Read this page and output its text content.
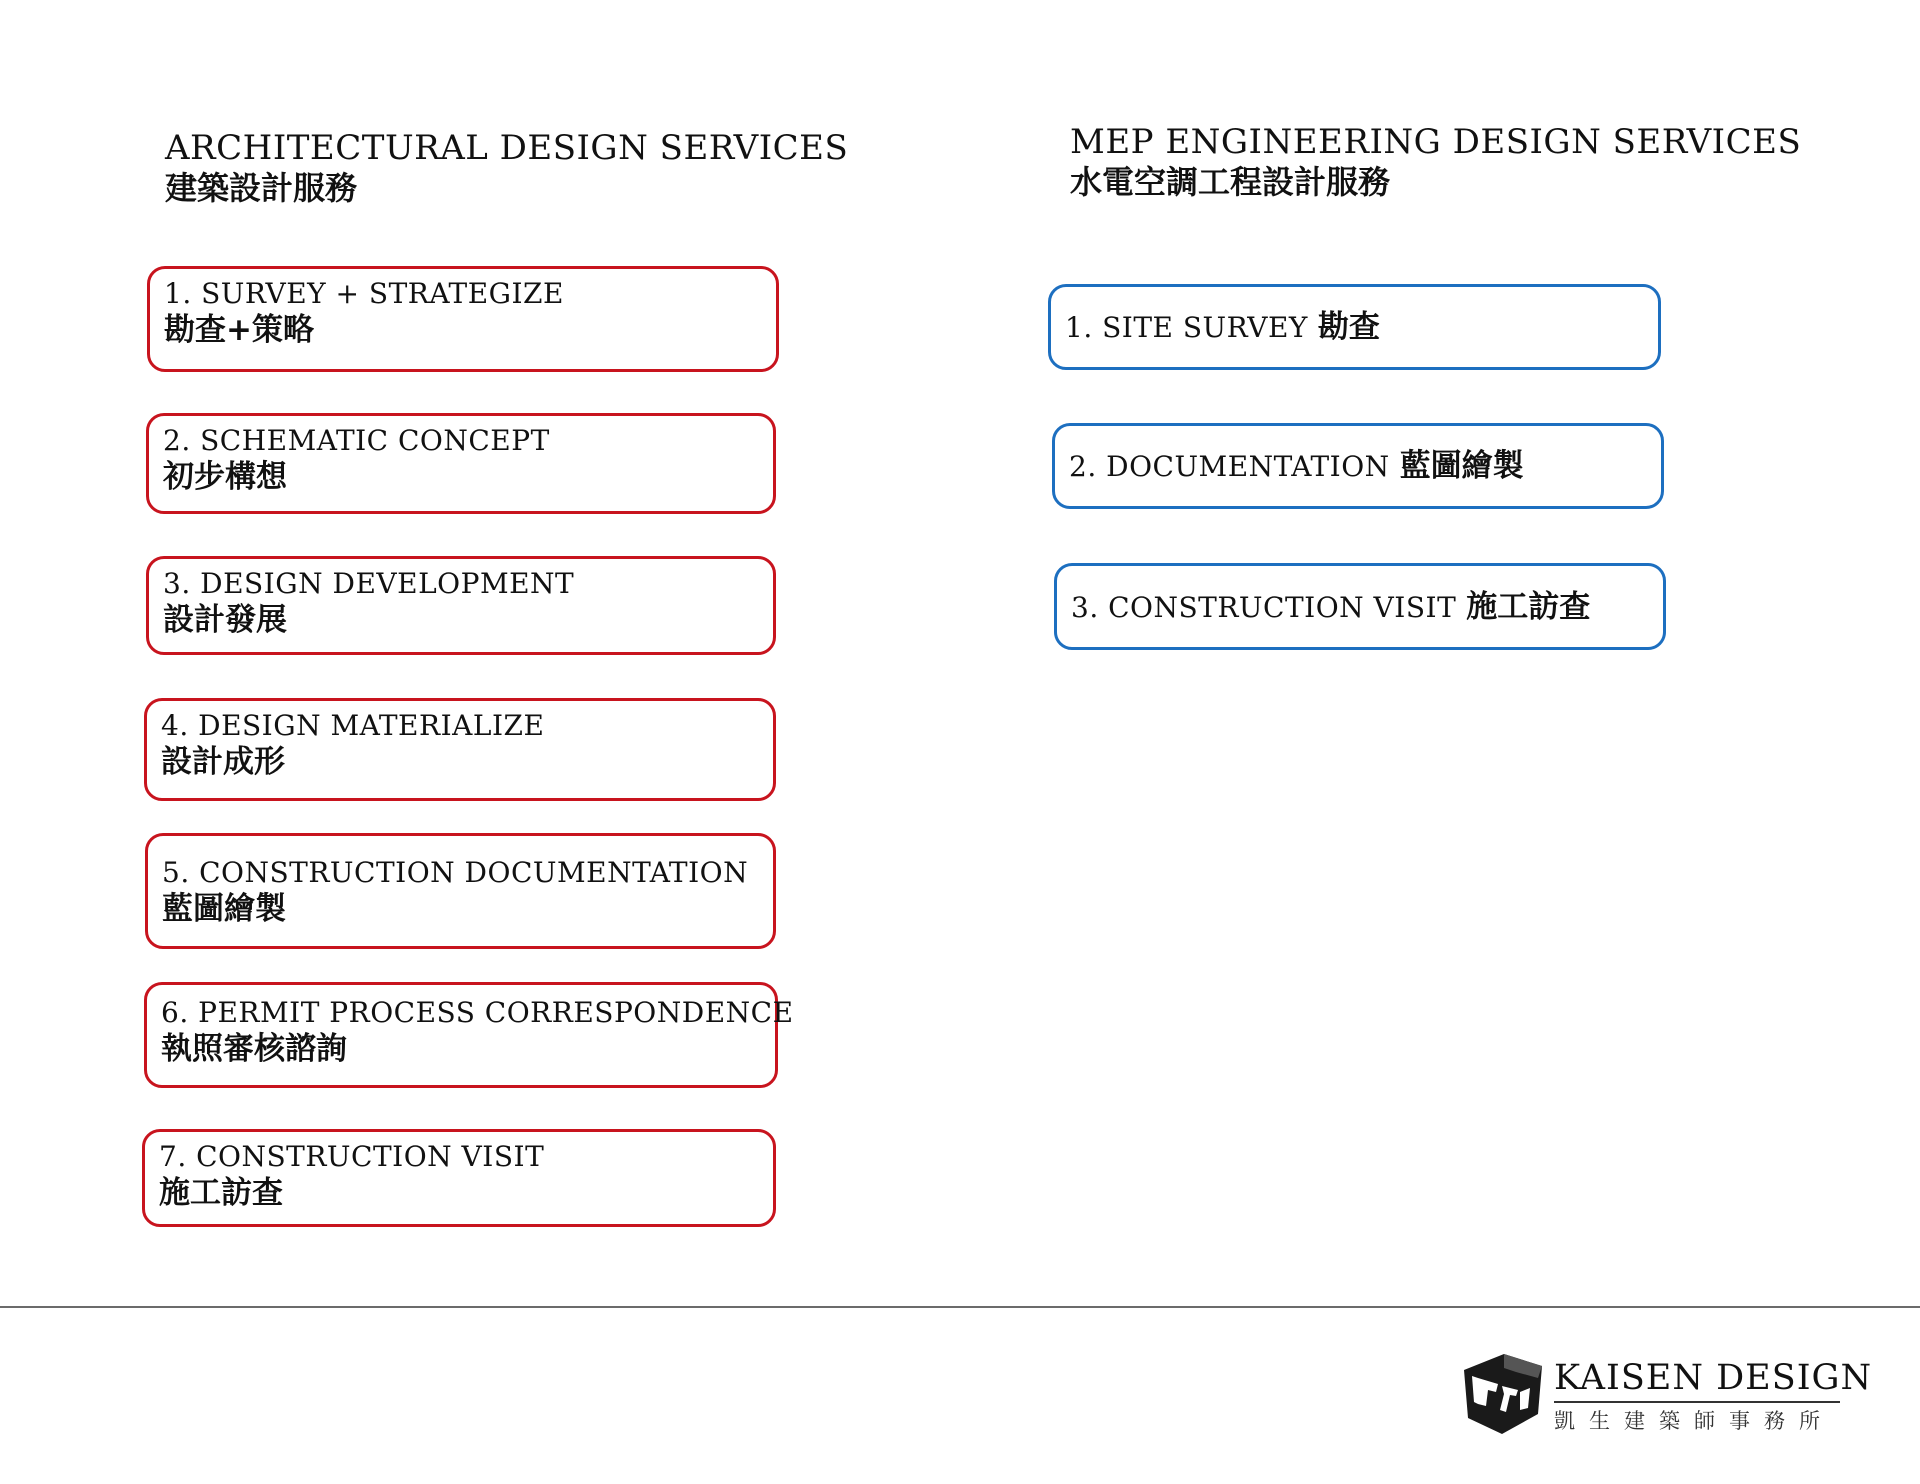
ARCHITECTURAL DESIGN SERVICES
建築設計服務
MEP ENGINEERING DESIGN SERVICES
水電空調工程設計服務
1. SURVEY + STRATEGIZE
勘查+策略
2. SCHEMATIC CONCEPT
初步構想
3. DESIGN DEVELOPMENT
設計發展
4. DESIGN MATERIALIZE
設計成形
5. CONSTRUCTION DOCUMENTATION
藍圖繪製
6. PERMIT PROCESS CORRESPONDENCE
執照審核諮詢
7. CONSTRUCTION VISIT
施工訪查
1. SITE SURVEY 勘查
2. DOCUMENTATION 藍圖繪製
3. CONSTRUCTION VISIT 施工訪查
KAISEN DESIGN
凱生建築師事務所
